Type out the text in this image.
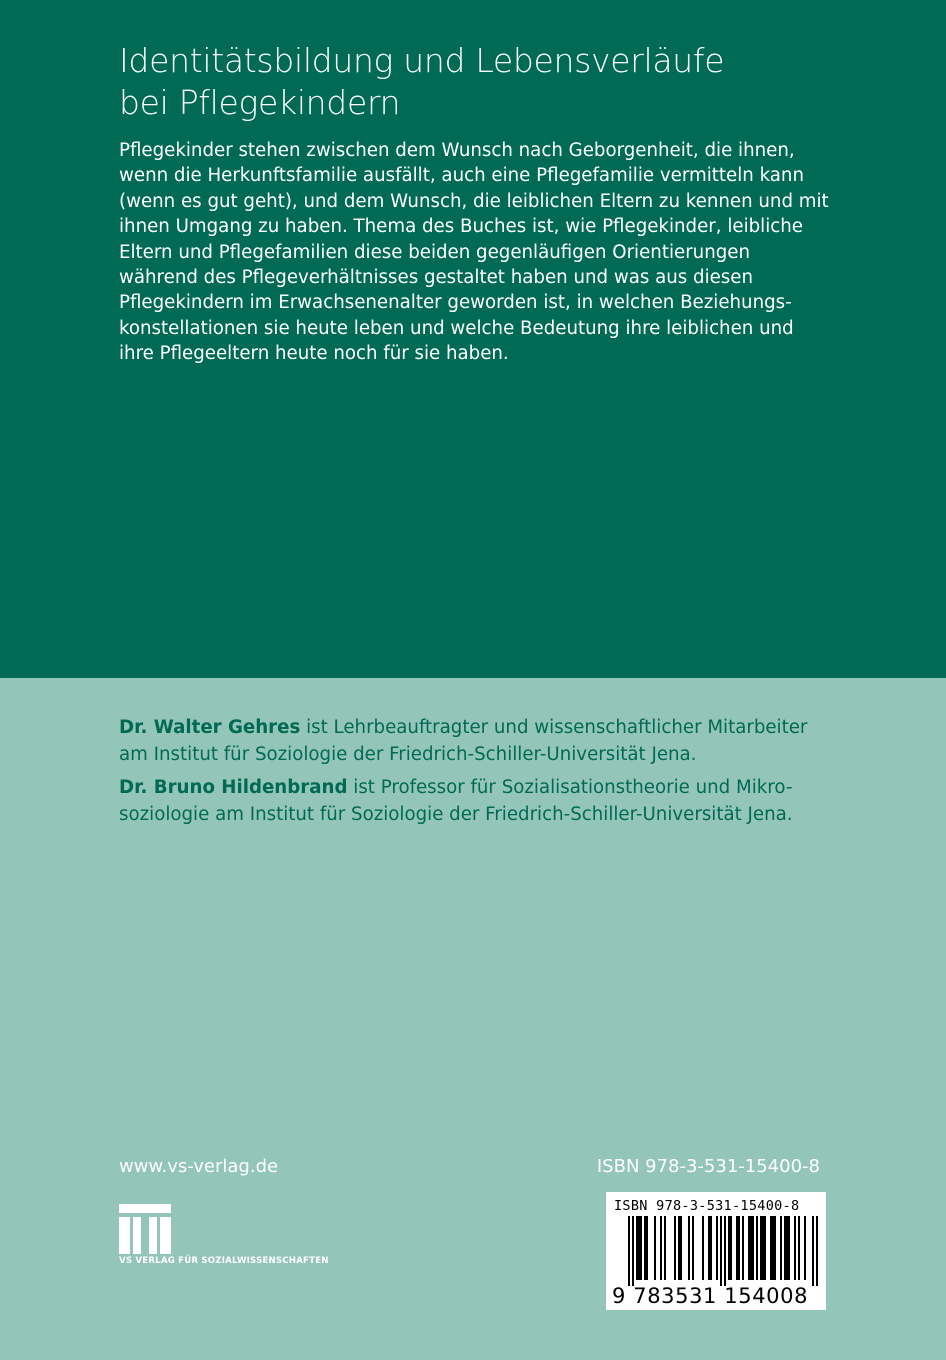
Identitätsbildung und Lebensverläufe
bei Pflegekindern

Pflegekinder stehen zwischen dem Wunsch nach Geborgenheit, die ihnen,
wenn die Herkunftsfamilie ausfällt, auch eine Pflegefamilie vermitteln kann
(wenn es gut geht), und dem Wunsch, die leiblichen Eltern zu kennen und mit
ihnen Umgang zu haben. Thema des Buches ist, wie Pflegekinder, leibliche
Eltern und Pflegefamilien diese beiden gegenläufigen Orientierungen
während des Pflegeverhältnisses gestaltet haben und was aus diesen
Pflegekindern im Erwachsenenalter geworden ist, in welchen Beziehungs-
konstellationen sie heute leben und welche Bedeutung ihre leiblichen und
ihre Pflegeeltern heute noch für sie haben.

Dr. Walter Gehres ist Lehrbeauftragter und wissenschaftlicher Mitarbeiter
am Institut für Soziologie der Friedrich-Schiller-Universität Jena.

Dr. Bruno Hildenbrand ist Professor für Sozialisationstheorie und Mikro-
soziologie am Institut für Soziologie der Friedrich-Schiller-Universität Jena.

www.vs-verlag.de	ISBN 978-3-531-15400-8
VS VERLAG FÜR SOZIALWISSENSCHAFTEN
ISBN 978-3-531-15400-8
9 783531 154008
